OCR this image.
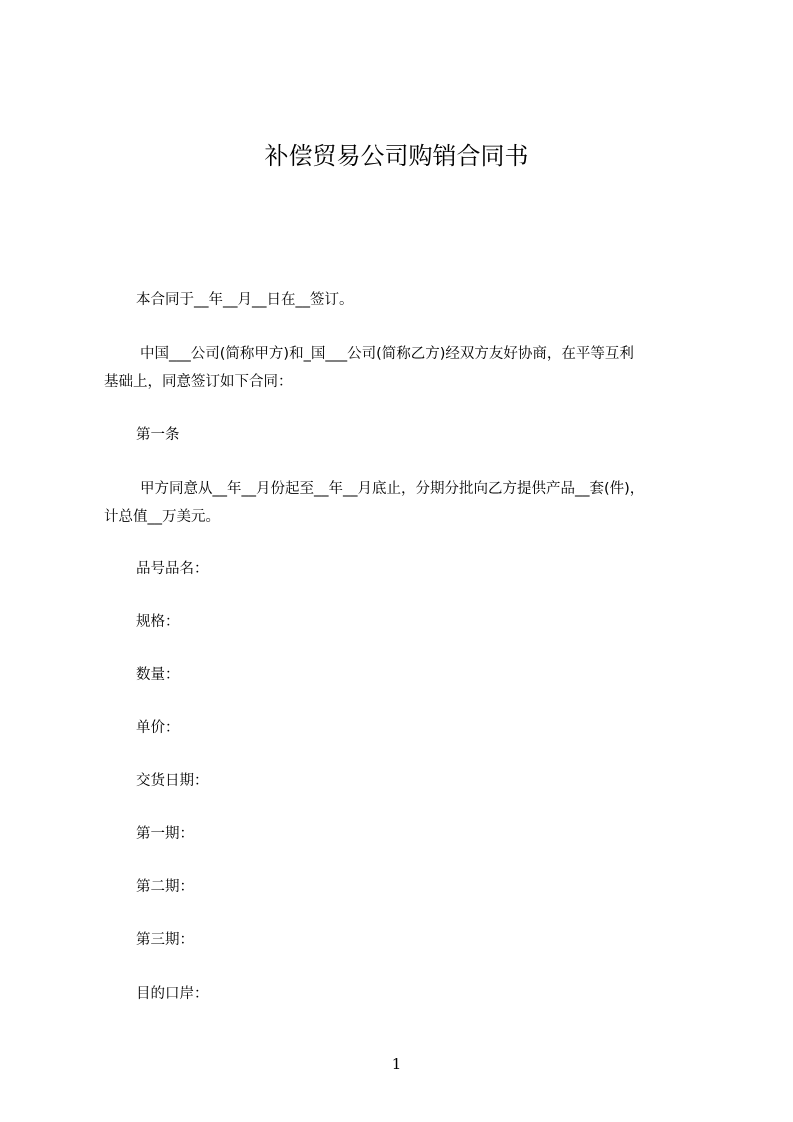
补偿贸易公司购销合同书

本合同于__年__月__日在__签订。

中国___公司(简称甲方)和_国___公司(简称乙方)经双方友好协商，在平等互利

基础上，同意签订如下合同：

第一条

甲方同意从__年__月份起至__年__月底止，分期分批向乙方提供产品__套(件)，

计总值__万美元。

品号品名：

规格：

数量：

单价：

交货日期：

第一期：

第二期：

第三期：

目的口岸：

1
